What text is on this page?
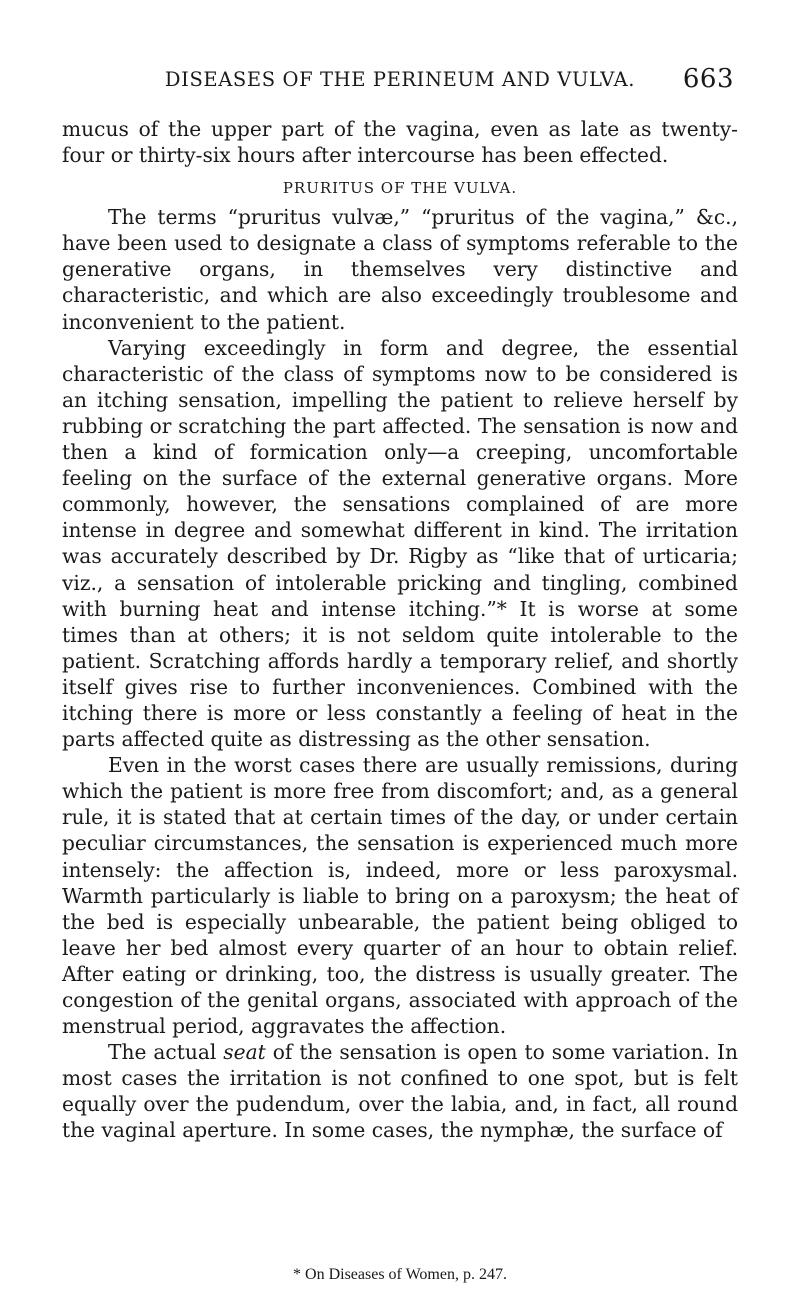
DISEASES OF THE PERINEUM AND VULVA.	663

mucus of the upper part of the vagina, even as late as twenty-four or thirty-six hours after intercourse has been effected.

PRURITUS OF THE VULVA.

The terms “pruritus vulvæ,” “pruritus of the vagina,” &c., have been used to designate a class of symptoms referable to the generative organs, in themselves very distinctive and characteristic, and which are also exceedingly troublesome and inconvenient to the patient.

Varying exceedingly in form and degree, the essential characteristic of the class of symptoms now to be considered is an itching sensation, impelling the patient to relieve herself by rubbing or scratching the part affected. The sensation is now and then a kind of formication only—a creeping, uncomfortable feeling on the surface of the external generative organs. More commonly, however, the sensations complained of are more intense in degree and somewhat different in kind. The irritation was accurately described by Dr. Rigby as “like that of urticaria; viz., a sensation of intolerable pricking and tingling, combined with burning heat and intense itching.”* It is worse at some times than at others; it is not seldom quite intolerable to the patient. Scratching affords hardly a temporary relief, and shortly itself gives rise to further inconveniences. Combined with the itching there is more or less constantly a feeling of heat in the parts affected quite as distressing as the other sensation.

Even in the worst cases there are usually remissions, during which the patient is more free from discomfort; and, as a general rule, it is stated that at certain times of the day, or under certain peculiar circumstances, the sensation is experienced much more intensely: the affection is, indeed, more or less paroxysmal. Warmth particularly is liable to bring on a paroxysm; the heat of the bed is especially unbearable, the patient being obliged to leave her bed almost every quarter of an hour to obtain relief. After eating or drinking, too, the distress is usually greater. The congestion of the genital organs, associated with approach of the menstrual period, aggravates the affection.

The actual seat of the sensation is open to some variation. In most cases the irritation is not confined to one spot, but is felt equally over the pudendum, over the labia, and, in fact, all round the vaginal aperture. In some cases, the nymphæ, the surface of

* On Diseases of Women, p. 247.
